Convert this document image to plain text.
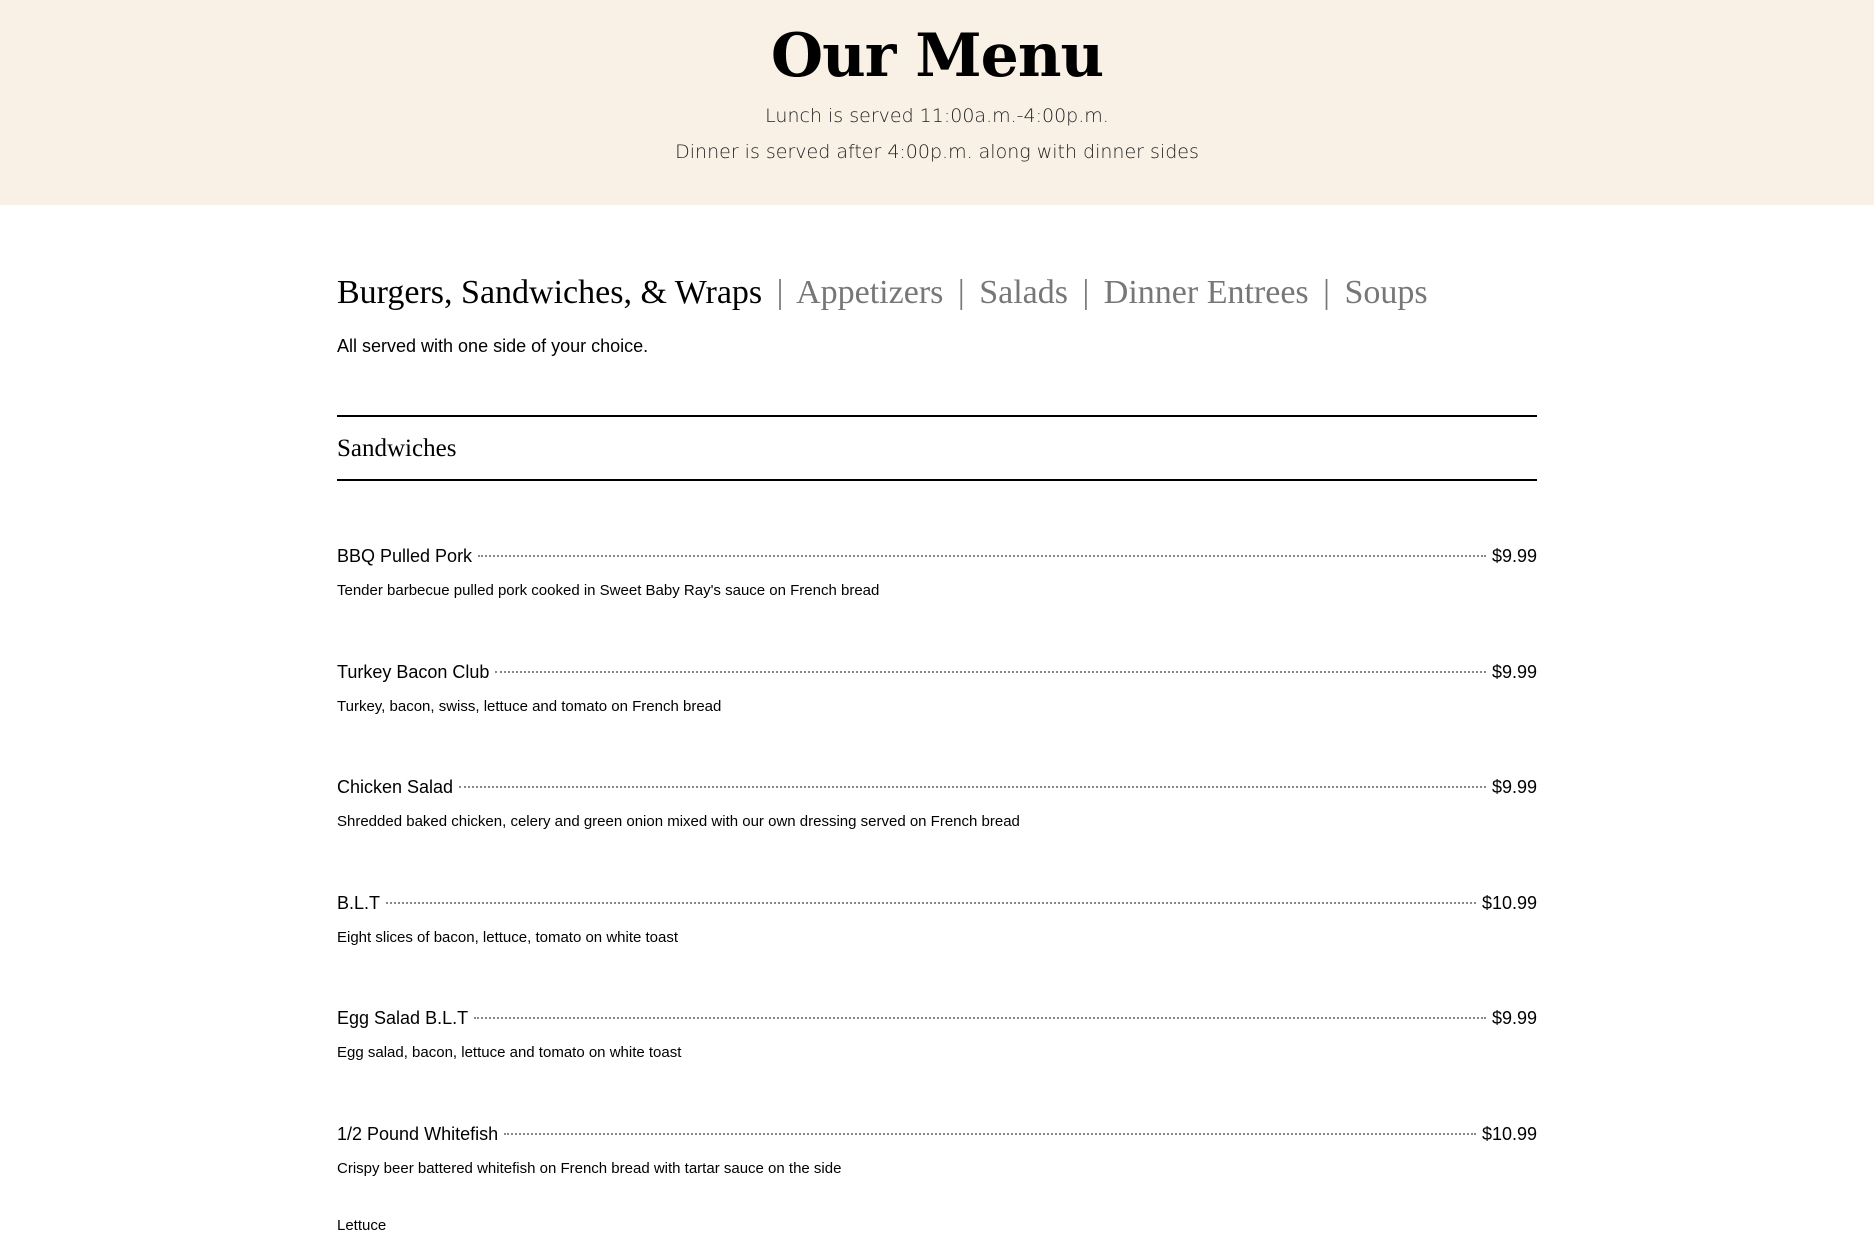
Our Menu

Lunch is served 11:00a.m.-4:00p.m.

Dinner is served after 4:00p.m. along with dinner sides

Burgers, Sandwiches, & Wraps | Appetizers | Salads | Dinner Entrees | Soups
All served with one side of your choice.
Sandwiches
BBQ Pulled Pork	$9.99
Tender barbecue pulled pork cooked in Sweet Baby Ray's sauce on French bread
Turkey Bacon Club	$9.99
Turkey, bacon, swiss, lettuce and tomato on French bread
Chicken Salad	$9.99
Shredded baked chicken, celery and green onion mixed with our own dressing served on French bread
B.L.T	$10.99
Eight slices of bacon, lettuce, tomato on white toast
Egg Salad B.L.T	$9.99
Egg salad, bacon, lettuce and tomato on white toast
1/2 Pound Whitefish	$10.99
Crispy beer battered whitefish on French bread with tartar sauce on the side
Lettuce
